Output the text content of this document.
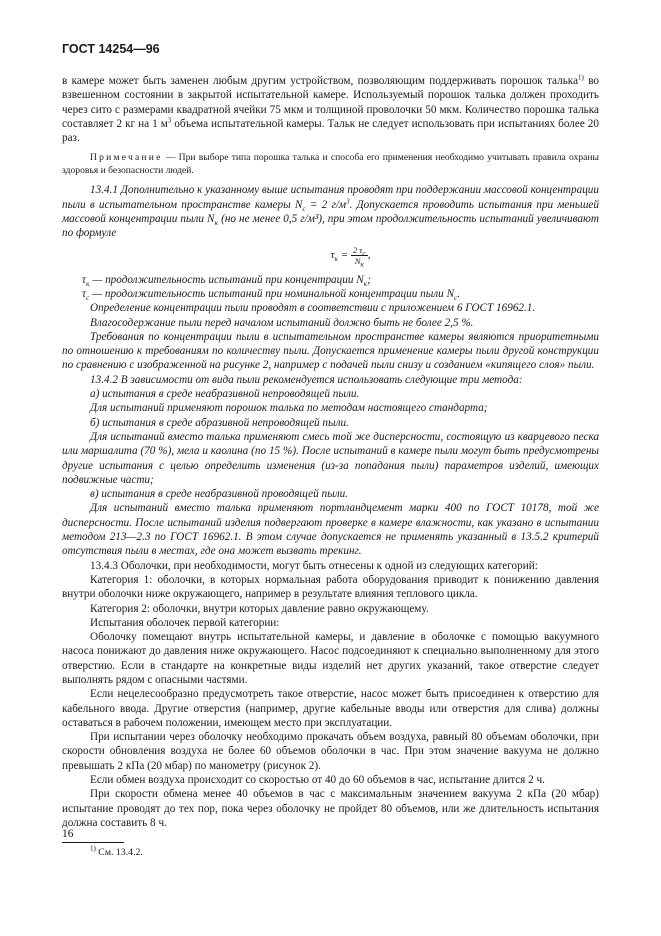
ГОСТ 14254—96

в камере может быть заменен любым другим устройством, позволяющим поддерживать порошок талька$^{1)}$ во взвешенном состоянии в закрытой испытательной камере. Используемый порошок талька должен проходить через сито с размерами квадратной ячейки 75 мкм и толщиной проволочки 50 мкм. Количество порошка талька составляет 2 кг на 1 $м^3$ объема испытательной камеры. Тальк не следует использовать при испытаниях более 20 раз.

Примечание — При выборе типа порошка талька и способа его применения необходимо учитывать правила охраны здоровья и безопасности людей.

13.4.1 Дополнительно к указанному выше испытания проводят при поддержании массовой концентрации пыли в испытательном пространстве камеры $N_с = 2$ $г/м^3$. Допускается проводить испытания при меньшей массовой концентрации пыли $N_к$ (но не менее 0,5 г/м³), при этом продолжительность испытаний увеличивают по формуле

$\tau_к = \frac{2 \tau_с}{N_к}$ ,
$\tau_к$ — продолжительность испытаний при концентрации $N_к$;
$\tau_с$ — продолжительность испытаний при номинальной концентрации пыли $N_с$.

Определение концентрации пыли проводят в соответствии с приложением 6 ГОСТ 16962.1.

Влагосодержание пыли перед началом испытаний должно быть не более 2,5 %.

Требования по концентрации пыли в испытательном пространстве камеры являются приоритетными по отношению к требованиям по количеству пыли. Допускается применение камеры пыли другой конструкции по сравнению с изображенной на рисунке 2, например с подачей пыли снизу и созданием «кипящего слоя» пыли.

13.4.2 В зависимости от вида пыли рекомендуется использовать следующие три метода:

а) испытания в среде неабразивной непроводящей пыли.

Для испытаний применяют порошок талька по методам настоящего стандарта;

б) испытания в среде абразивной непроводящей пыли.

Для испытаний вместо талька применяют смесь той же дисперсности, состоящую из кварцевого песка или маршалита (70 %), мела и каолина (по 15 %). После испытаний в камере пыли могут быть предусмотрены другие испытания с целью определить изменения (из-за попадания пыли) параметров изделий, имеющих подвижные части;

в) испытания в среде неабразивной проводящей пыли.

Для испытаний вместо талька применяют портландцемент марки 400 по ГОСТ 10178, той же дисперсности. После испытаний изделия подвергают проверке в камере влажности, как указано в испытании методом 213—2.3 по ГОСТ 16962.1. В этом случае допускается не применять указанный в 13.5.2 критерий отсутствия пыли в местах, где она может вызвать трекинг.

13.4.3 Оболочки, при необходимости, могут быть отнесены к одной из следующих категорий:

Категория 1: оболочки, в которых нормальная работа оборудования приводит к понижению давления внутри оболочки ниже окружающего, например в результате влияния теплового цикла.

Категория 2: оболочки, внутри которых давление равно окружающему.

Испытания оболочек первой категории:

Оболочку помещают внутрь испытательной камеры, и давление в оболочке с помощью вакуумного насоса понижают до давления ниже окружающего. Насос подсоединяют к специально выполненному для этого отверстию. Если в стандарте на конкретные виды изделий нет других указаний, такое отверстие следует выполнять рядом с опасными частями.

Если нецелесообразно предусмотреть такое отверстие, насос может быть присоединен к отверстию для кабельного ввода. Другие отверстия (например, другие кабельные вводы или отверстия для слива) должны оставаться в рабочем положении, имеющем место при эксплуатации.

При испытании через оболочку необходимо прокачать объем воздуха, равный 80 объемам оболочки, при скорости обновления воздуха не более 60 объемов оболочки в час. При этом значение вакуума не должно превышать 2 кПа (20 мбар) по манометру (рисунок 2).

Если обмен воздуха происходит со скоростью от 40 до 60 объемов в час, испытание длится 2 ч.

При скорости обмена менее 40 объемов в час с максимальным значением вакуума 2 кПа (20 мбар) испытание проводят до тех пор, пока через оболочку не пройдет 80 объемов, или же длительность испытания должна составить 8 ч.

$^{1)}$ См. 13.4.2.
16
